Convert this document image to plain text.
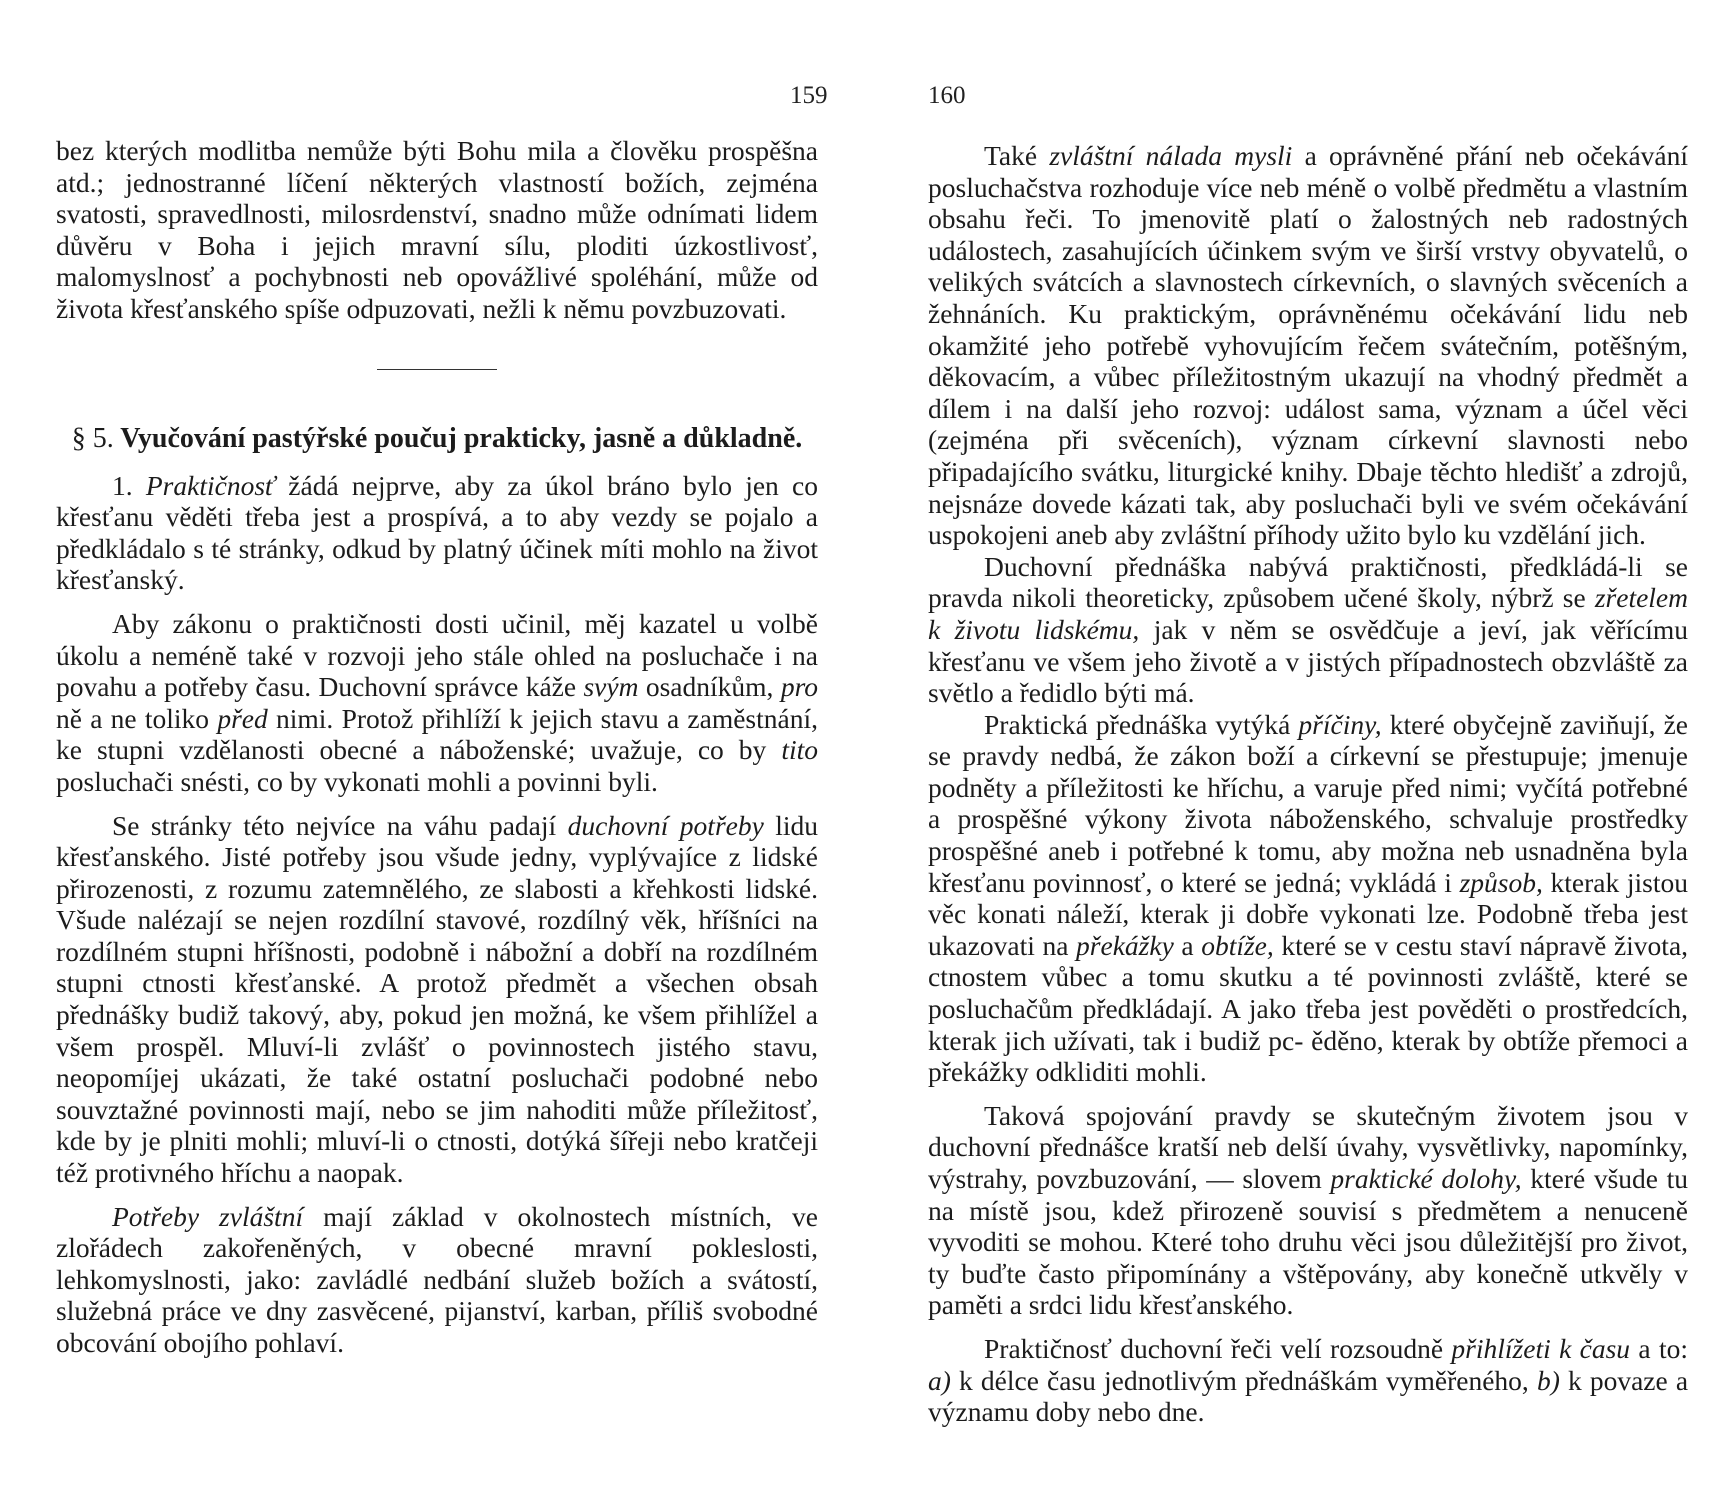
159

bez kterých modlitba nemůže býti Bohu mila a člověku prospěšna atd.; jednostranné líčení některých vlastností božích, zejména svatosti, spravedlnosti, milosrdenství, snadno může odnímati lidem důvěru v Boha i jejich mravní sílu, ploditi úzkostlivosť, malomyslnosť a pochybnosti neb opovážlivé spoléhání, může od života křesťanského spíše odpuzovati, nežli k němu povzbuzovati.

§ 5. Vyučování pastýřské poučuj prakticky, jasně a důkladně.

1. Praktičnosť žádá nejprve, aby za úkol bráno bylo jen co křesťanu věděti třeba jest a prospívá, a to aby vezdy se pojalo a předkládalo s té stránky, odkud by platný účinek míti mohlo na život křesťanský.

Aby zákonu o praktičnosti dosti učinil, měj kazatel u volbě úkolu a neméně také v rozvoji jeho stále ohled na posluchače i na povahu a potřeby času. Duchovní správce káže svým osadníkům, pro ně a ne toliko před nimi. Protož přihlíží k jejich stavu a zaměstnání, ke stupni vzdělanosti obecné a náboženské; uvažuje, co by tito posluchači snésti, co by vykonati mohli a povinni byli.

Se stránky této nejvíce na váhu padají duchovní potřeby lidu křesťanského. Jisté potřeby jsou všude jedny, vyplývajíce z lidské přirozenosti, z rozumu zatemnělého, ze slabosti a křehkosti lidské. Všude nalézají se nejen rozdílní stavové, rozdílný věk, hříšníci na rozdílném stupni hříšnosti, podobně i nábožní a dobří na rozdílném stupni ctnosti křesťanské. A protož předmět a všechen obsah přednášky budiž takový, aby, pokud jen možná, ke všem přihlížel a všem prospěl. Mluví-li zvlášť o povinnostech jistého stavu, neopomíjej ukázati, že také ostatní posluchači podobné nebo souvztažné povinnosti mají, nebo se jim nahoditi může příležitosť, kde by je plniti mohli; mluví-li o ctnosti, dotýká šířeji nebo kratčeji též protivného hříchu a naopak.

Potřeby zvláštní mají základ v okolnostech místních, ve zlořádech zakořeněných, v obecné mravní pokleslosti, lehkomyslnosti, jako: zavládlé nedbání služeb božích a svátostí, služebná práce ve dny zasvěcené, pijanství, karban, příliš svobodné obcování obojího pohlaví.

160

Také zvláštní nálada mysli a oprávněné přání neb očekávání posluchačstva rozhoduje více neb méně o volbě předmětu a vlastním obsahu řeči. To jmenovitě platí o žalostných neb radostných událostech, zasahujících účinkem svým ve širší vrstvy obyvatelů, o velikých svátcích a slavnostech církevních, o slavných svěceních a žehnáních. Ku praktickým, oprávněnému očekávání lidu neb okamžité jeho potřebě vyhovujícím řečem svátečním, potěšným, děkovacím, a vůbec příležitostným ukazují na vhodný předmět a dílem i na další jeho rozvoj: událost sama, význam a účel věci (zejména při svěceních), význam církevní slavnosti nebo připadajícího svátku, liturgické knihy. Dbaje těchto hledišť a zdrojů, nejsnáze dovede kázati tak, aby posluchači byli ve svém očekávání uspokojeni aneb aby zvláštní příhody užito bylo ku vzdělání jich.

Duchovní přednáška nabývá praktičnosti, předkládá-li se pravda nikoli theoreticky, způsobem učené školy, nýbrž se zřetelem k životu lidskému, jak v něm se osvědčuje a jeví, jak věřícímu křesťanu ve všem jeho životě a v jistých případnostech obzvláště za světlo a ředidlo býti má.

Praktická přednáška vytýká příčiny, které obyčejně zaviňují, že se pravdy nedbá, že zákon boží a církevní se přestupuje; jmenuje podněty a příležitosti ke hříchu, a varuje před nimi; vyčítá potřebné a prospěšné výkony života náboženského, schvaluje prostředky prospěšné aneb i potřebné k tomu, aby možna neb usnadněna byla křesťanu povinnosť, o které se jedná; vykládá i způsob, kterak jistou věc konati náleží, kterak ji dobře vykonati lze. Podobně třeba jest ukazovati na překážky a obtíže, které se v cestu staví nápravě života, ctnostem vůbec a tomu skutku a té povinnosti zvláště, které se posluchačům předkládají. A jako třeba jest pověděti o prostředcích, kterak jich užívati, tak i budiž pc- ěděno, kterak by obtíže přemoci a překážky odkliditi mohli.

Taková spojování pravdy se skutečným životem jsou v duchovní přednášce kratší neb delší úvahy, vysvětlivky, napomínky, výstrahy, povzbuzování, — slovem praktické dolohy, které všude tu na místě jsou, kdež přirozeně souvisí s předmětem a nenuceně vyvoditi se mohou. Které toho druhu věci jsou důležitější pro život, ty buďte často připomínány a vštěpovány, aby konečně utkvěly v paměti a srdci lidu křesťanského.

Praktičnosť duchovní řeči velí rozsoudně přihlížeti k času a to: a) k délce času jednotlivým přednáškám vyměřeného, b) k povaze a významu doby nebo dne.
